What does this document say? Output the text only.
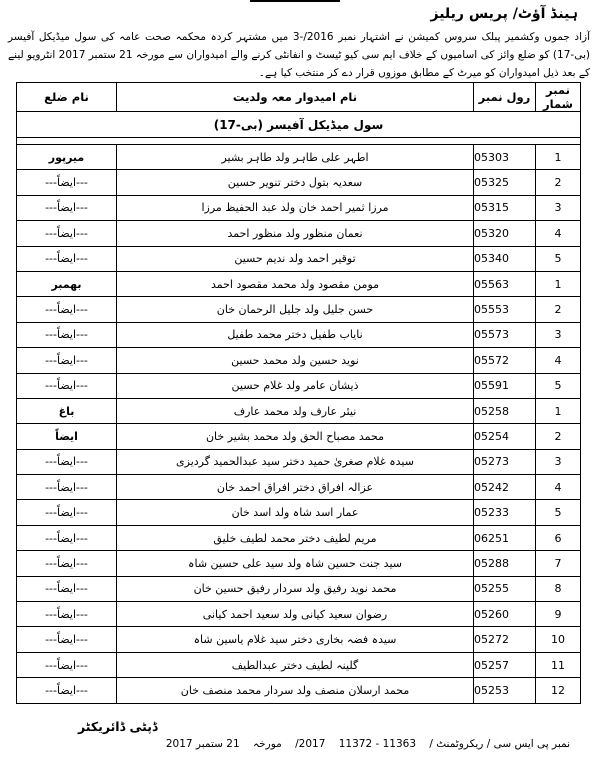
ہینڈ آؤٹ/ پریس ریلیز
آزاد جموں وکشمیر پبلک سروس کمیشن نے اشتہار نمبر 2016/-3 میں مشتہر کردہ محکمہ صحت عامہ کی سول میڈیکل آفیسر (بی-17) کو ضلع وائز کی اسامیوں کے خلاف ایم سی کیو ٹیسٹ و انفانٹی کرنے والے امیدواران سے مورخہ 21 ستمبر 2017 انٹرویو لینے کے بعد ذیل امیدواران کو میرٹ کے مطابق موزوں قرار دے کر منتخب کیا ہے۔
نمبر شمار	رول نمبر	نام امیدوار معہ ولدیت	نام ضلع
سول میڈیکل آفیسر (بی-17)			

1	05303	اطہر علی طاہر ولد طاہر بشیر	میرپور
2	05325	سعدیہ بتول دختر تنویر حسین	---ایضاً---
3	05315	مرزا ثمیر احمد خان ولد عبد الحفیظ مرزا	---ایضاً---
4	05320	نعمان منظور ولد منظور احمد	---ایضاً---
5	05340	توقیر احمد ولد ندیم حسین	---ایضاً---
1	05563	مومن مقصود ولد محمد مقصود احمد	بھمبر
2	05553	حسن جلیل ولد جلیل الرحمان خان	---ایضاً---
3	05573	نایاب طفیل دختر محمد طفیل	---ایضاً---
4	05572	نوید حسین ولد محمد حسین	---ایضاً---
5	05591	ذیشان عامر ولد غلام حسین	---ایضاً---
1	05258	نیئر عارف ولد محمد عارف	باغ
2	05254	محمد مصباح الحق ولد محمد بشیر خان	ایضاً
3	05273	سیدہ غلام صغریٰ حمید دختر سید عبدالحمید گردیزی	---ایضاً---
4	05242	عزالہ افراق دختر افراق احمد خان	---ایضاً---
5	05233	عمار اسد شاہ ولد اسد خان	---ایضاً---
6	06251	مریم لطیف دختر محمد لطیف خلیق	---ایضاً---
7	05288	سید جنت حسین شاہ ولد سید علی حسین شاہ	---ایضاً---
8	05255	محمد نوید رفیق ولد سردار رفیق حسین خان	---ایضاً---
9	05260	رضوان سعید کیانی ولد سعید احمد کیانی	---ایضاً---
10	05272	سیدہ فضہ بخاری دختر سید غلام یاسین شاہ	---ایضاً---
11	05257	گلینہ لطیف دختر عبدالطیف	---ایضاً---
12	05253	محمد ارسلان منصف ولد سردار محمد منصف خان	---ایضاً---
ڈپٹی ڈائریکٹر
نمبر پی ایس سی / ریکروٹمنٹ / 11363 - 11372 2017/ مورخہ 21 ستمبر 2017
